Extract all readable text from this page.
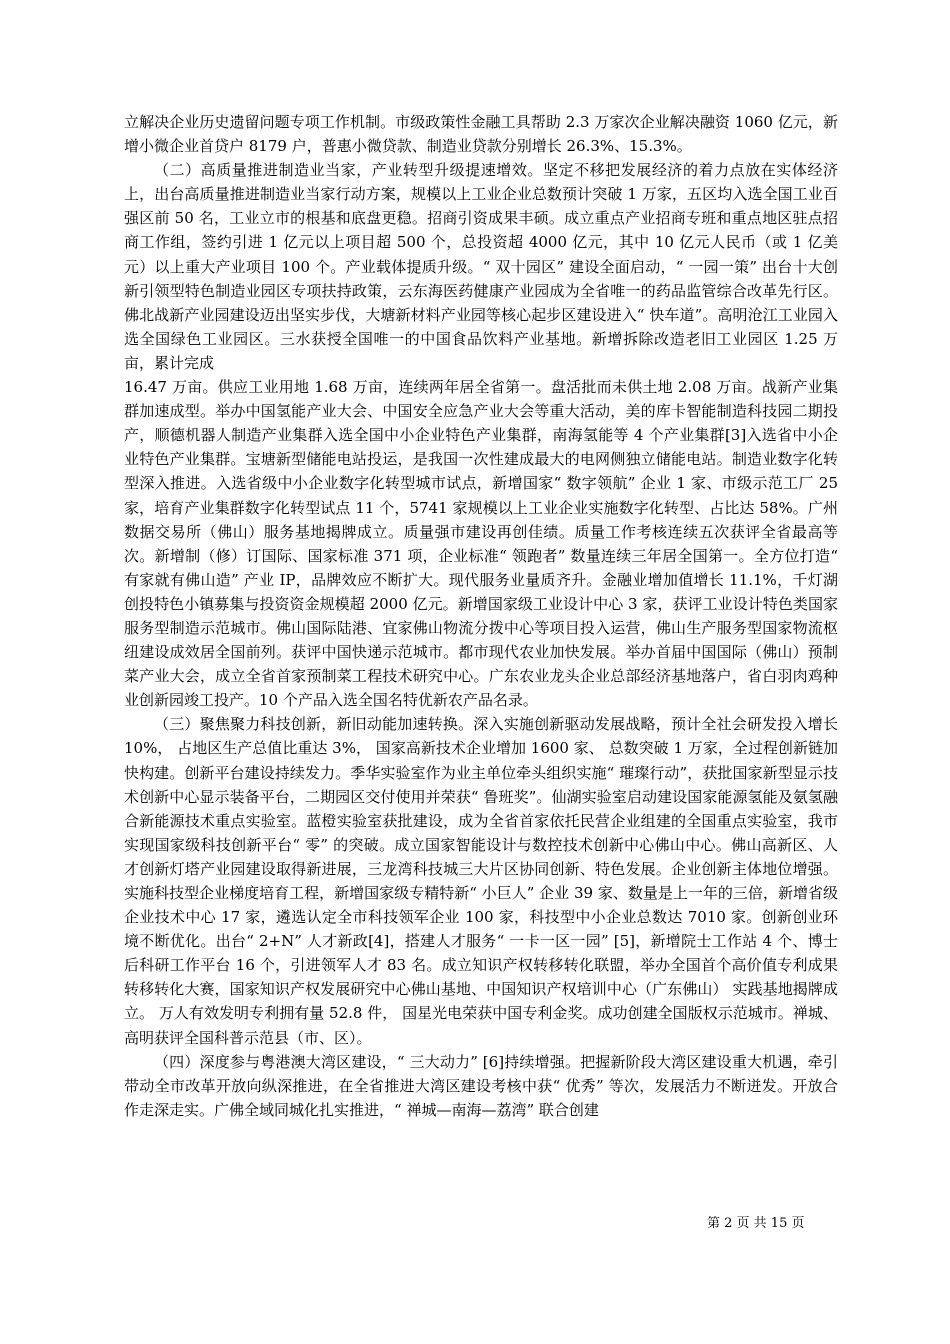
立解决企业历史遗留问题专项工作机制。市级政策性金融工具帮助 2.3 万家次企业解决融资 1060 亿元，新增小微企业首贷户 8179 户，普惠小微贷款、制造业贷款分别增长 26.3%、15.3%。

（二）高质量推进制造业当家，产业转型升级提速增效。坚定不移把发展经济的着力点放在实体经济上，出台高质量推进制造业当家行动方案，规模以上工业企业总数预计突破 1 万家，五区均入选全国工业百强区前 50 名，工业立市的根基和底盘更稳。招商引资成果丰硕。成立重点产业招商专班和重点地区驻点招商工作组，签约引进 1 亿元以上项目超 500 个，总投资超 4000 亿元，其中 10 亿元人民币（或 1 亿美元）以上重大产业项目 100 个。产业载体提质升级。“ 双十园区” 建设全面启动，“ 一园一策” 出台十大创新引领型特色制造业园区专项扶持政策，云东海医药健康产业园成为全省唯一的药品监管综合改革先行区。佛北战新产业园建设迈出坚实步伐，大塘新材料产业园等核心起步区建设进入“ 快车道”。高明沧江工业园入选全国绿色工业园区。三水获授全国唯一的中国食品饮料产业基地。新增拆除改造老旧工业园区 1.25 万亩，累计完成

16.47 万亩。供应工业用地 1.68 万亩，连续两年居全省第一。盘活批而未供土地 2.08 万亩。战新产业集群加速成型。举办中国氢能产业大会、中国安全应急产业大会等重大活动，美的库卡智能制造科技园二期投产，顺德机器人制造产业集群入选全国中小企业特色产业集群，南海氢能等 4 个产业集群[3]入选省中小企业特色产业集群。宝塘新型储能电站投运，是我国一次性建成最大的电网侧独立储能电站。制造业数字化转型深入推进。入选省级中小企业数字化转型城市试点，新增国家“ 数字领航” 企业 1 家、市级示范工厂 25 家，培育产业集群数字化转型试点 11 个，5741 家规模以上工业企业实施数字化转型、占比达 58%。广州数据交易所（佛山）服务基地揭牌成立。质量强市建设再创佳绩。质量工作考核连续五次获评全省最高等次。新增制（修）订国际、国家标准 371 项，企业标准“ 领跑者” 数量连续三年居全国第一。全方位打造“ 有家就有佛山造” 产业 IP，品牌效应不断扩大。现代服务业量质齐升。金融业增加值增长 11.1%，千灯湖创投特色小镇募集与投资资金规模超 2000 亿元。新增国家级工业设计中心 3 家，获评工业设计特色类国家服务型制造示范城市。佛山国际陆港、宜家佛山物流分拨中心等项目投入运营，佛山生产服务型国家物流枢纽建设成效居全国前列。获评中国快递示范城市。都市现代农业加快发展。举办首届中国国际（佛山）预制菜产业大会，成立全省首家预制菜工程技术研究中心。广东农业龙头企业总部经济基地落户，省白羽肉鸡种业创新园竣工投产。10 个产品入选全国名特优新农产品名录。

（三）聚焦聚力科技创新，新旧动能加速转换。深入实施创新驱动发展战略，预计全社会研发投入增长 10%， 占地区生产总值比重达 3%， 国家高新技术企业增加 1600 家、 总数突破 1 万家，全过程创新链加快构建。创新平台建设持续发力。季华实验室作为业主单位牵头组织实施“ 璀璨行动”，获批国家新型显示技术创新中心显示装备平台，二期园区交付使用并荣获“ 鲁班奖”。仙湖实验室启动建设国家能源氢能及氨氢融合新能源技术重点实验室。蓝橙实验室获批建设，成为全省首家依托民营企业组建的全国重点实验室，我市实现国家级科技创新平台“ 零” 的突破。成立国家智能设计与数控技术创新中心佛山中心。佛山高新区、人才创新灯塔产业园建设取得新进展，三龙湾科技城三大片区协同创新、特色发展。企业创新主体地位增强。实施科技型企业梯度培育工程，新增国家级专精特新“ 小巨人” 企业 39 家、数量是上一年的三倍，新增省级企业技术中心 17 家，遴选认定全市科技领军企业 100 家，科技型中小企业总数达 7010 家。创新创业环境不断优化。出台“ 2+N” 人才新政[4]，搭建人才服务“ 一卡一区一园” [5]，新增院士工作站 4 个、博士后科研工作平台 16 个，引进领军人才 83 名。成立知识产权转移转化联盟，举办全国首个高价值专利成果转移转化大赛，国家知识产权发展研究中心佛山基地、中国知识产权培训中心（广东佛山） 实践基地揭牌成立。 万人有效发明专利拥有量 52.8 件， 国星光电荣获中国专利金奖。成功创建全国版权示范城市。禅城、高明获评全国科普示范县（市、区）。

（四）深度参与粤港澳大湾区建设，“ 三大动力” [6]持续增强。把握新阶段大湾区建设重大机遇，牵引带动全市改革开放向纵深推进，在全省推进大湾区建设考核中获“ 优秀” 等次，发展活力不断迸发。开放合作走深走实。广佛全域同城化扎实推进，“ 禅城—南海—荔湾” 联合创建

第 2 页 共 15 页
